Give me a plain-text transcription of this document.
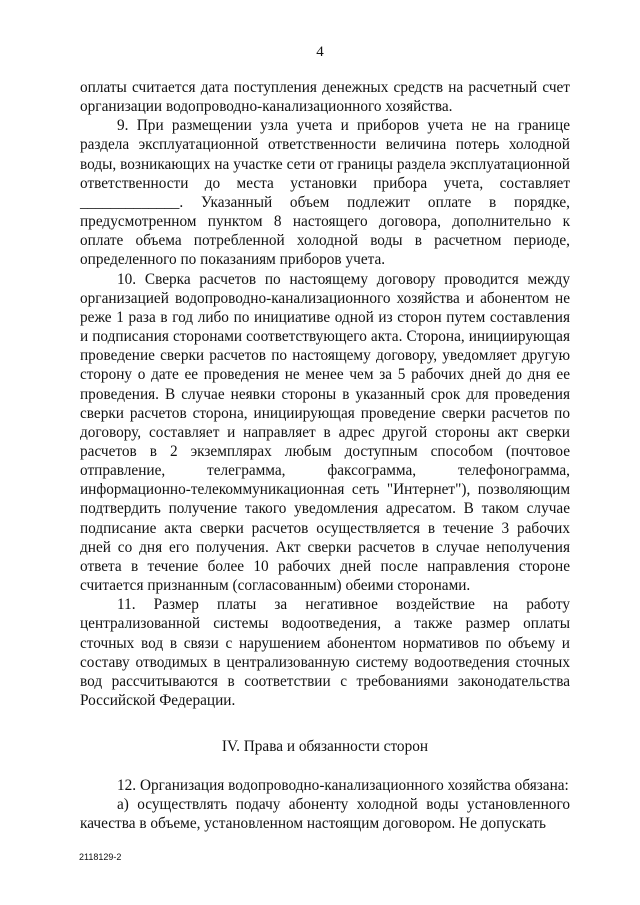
4

оплаты считается дата поступления денежных средств на расчетный счет организации водопроводно-канализационного хозяйства.

9. При размещении узла учета и приборов учета не на границе раздела эксплуатационной ответственности величина потерь холодной воды, возникающих на участке сети от границы раздела эксплуатационной ответственности до места установки прибора учета, составляет _____________. Указанный объем подлежит оплате в порядке, предусмотренном пунктом 8 настоящего договора, дополнительно к оплате объема потребленной холодной воды в расчетном периоде, определенного по показаниям приборов учета.

10. Сверка расчетов по настоящему договору проводится между организацией водопроводно-канализационного хозяйства и абонентом не реже 1 раза в год либо по инициативе одной из сторон путем составления и подписания сторонами соответствующего акта. Сторона, инициирующая проведение сверки расчетов по настоящему договору, уведомляет другую сторону о дате ее проведения не менее чем за 5 рабочих дней до дня ее проведения. В случае неявки стороны в указанный срок для проведения сверки расчетов сторона, инициирующая проведение сверки расчетов по договору, составляет и направляет в адрес другой стороны акт сверки расчетов в 2 экземплярах любым доступным способом (почтовое отправление, телеграмма, факсограмма, телефонограмма, информационно-телекоммуникационная сеть "Интернет"), позволяющим подтвердить получение такого уведомления адресатом. В таком случае подписание акта сверки расчетов осуществляется в течение 3 рабочих дней со дня его получения. Акт сверки расчетов в случае неполучения ответа в течение более 10 рабочих дней после направления стороне считается признанным (согласованным) обеими сторонами.

11. Размер платы за негативное воздействие на работу централизованной системы водоотведения, а также размер оплаты сточных вод в связи с нарушением абонентом нормативов по объему и составу отводимых в централизованную систему водоотведения сточных вод рассчитываются в соответствии с требованиями законодательства Российской Федерации.

IV. Права и обязанности сторон

12. Организация водопроводно-канализационного хозяйства обязана:

а) осуществлять подачу абоненту холодной воды установленного качества в объеме, установленном настоящим договором. Не допускать

2118129-2
